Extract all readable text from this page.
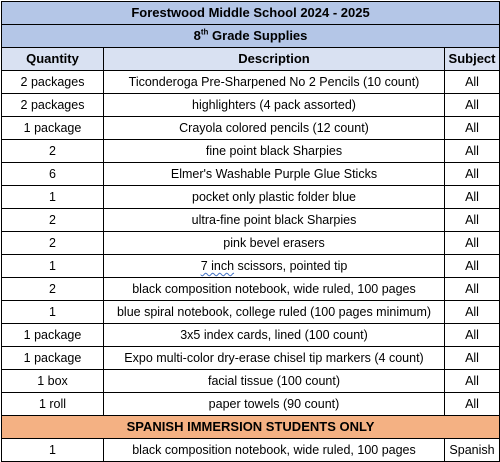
Forestwood Middle School 2024 - 2025		
8th Grade Supplies		
Quantity	Description	Subject
2 packages	Ticonderoga Pre-Sharpened No 2 Pencils (10 count)	All
2 packages	highlighters (4 pack assorted)	All
1 package	Crayola colored pencils (12 count)	All
2	fine point black Sharpies	All
6	Elmer's Washable Purple Glue Sticks	All
1	pocket only plastic folder blue	All
2	ultra-fine point black Sharpies	All
2	pink bevel erasers	All
1	7 inch scissors, pointed tip	All
2	black composition notebook, wide ruled, 100 pages	All
1	blue spiral notebook, college ruled (100 pages minimum)	All
1 package	3x5 index cards, lined (100 count)	All
1 package	Expo multi-color dry-erase chisel tip markers (4 count)	All
1 box	facial tissue (100 count)	All
1 roll	paper towels (90 count)	All
SPANISH IMMERSION STUDENTS ONLY		
1	black composition notebook, wide ruled, 100 pages	Spanish
